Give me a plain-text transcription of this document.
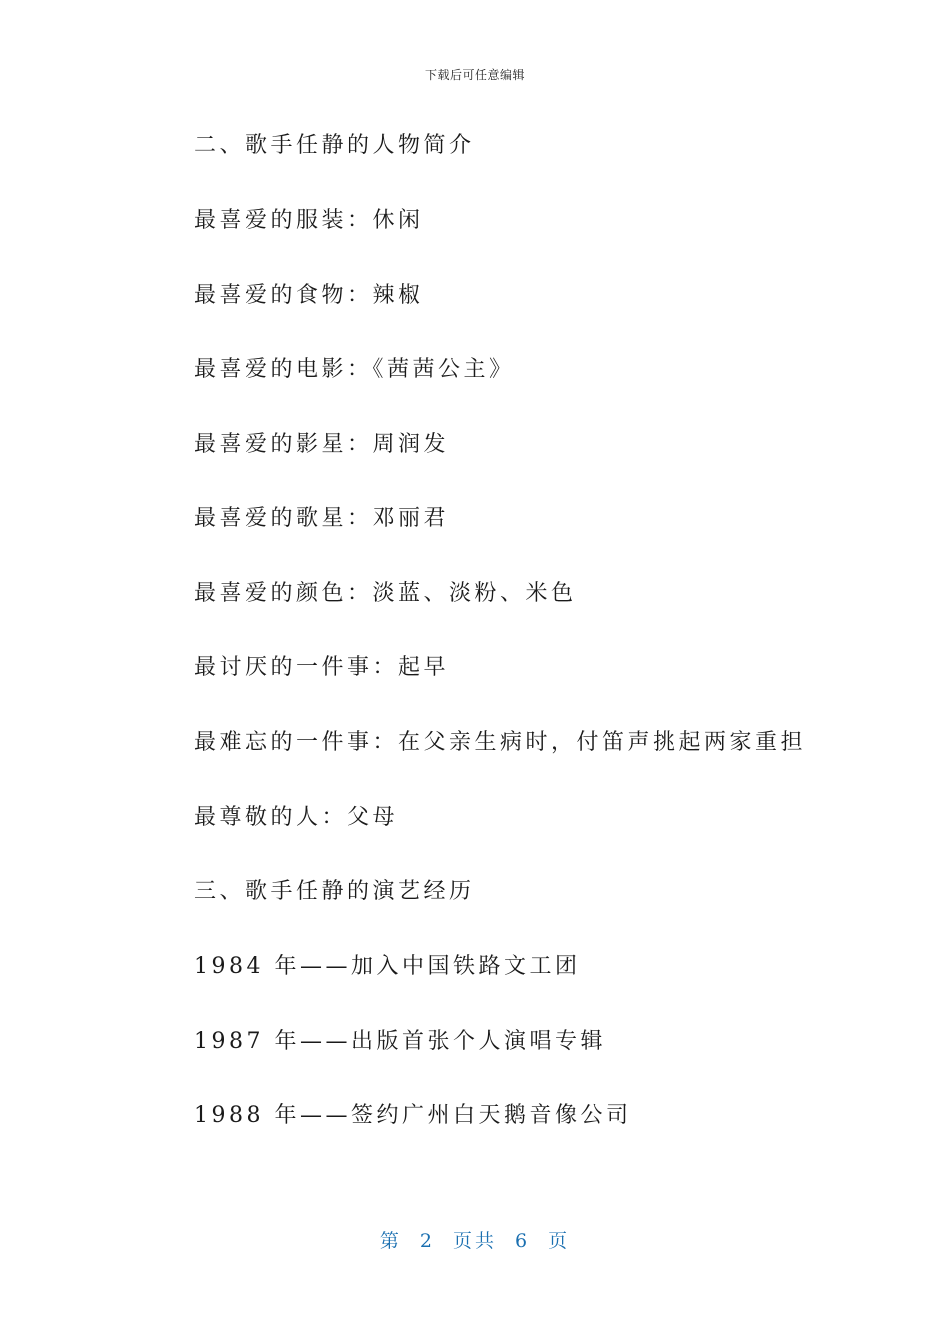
下载后可任意编辑
二、歌手任静的人物简介
最喜爱的服装：休闲
最喜爱的食物：辣椒
最喜爱的电影：《茜茜公主》
最喜爱的影星：周润发
最喜爱的歌星：邓丽君
最喜爱的颜色：淡蓝、淡粉、米色
最讨厌的一件事：起早
最难忘的一件事：在父亲生病时，付笛声挑起两家重担
最尊敬的人：父母
三、歌手任静的演艺经历
1984 年——加入中国铁路文工团
1987 年——出版首张个人演唱专辑
1988 年——签约广州白天鹅音像公司
第 2 页共 6 页
